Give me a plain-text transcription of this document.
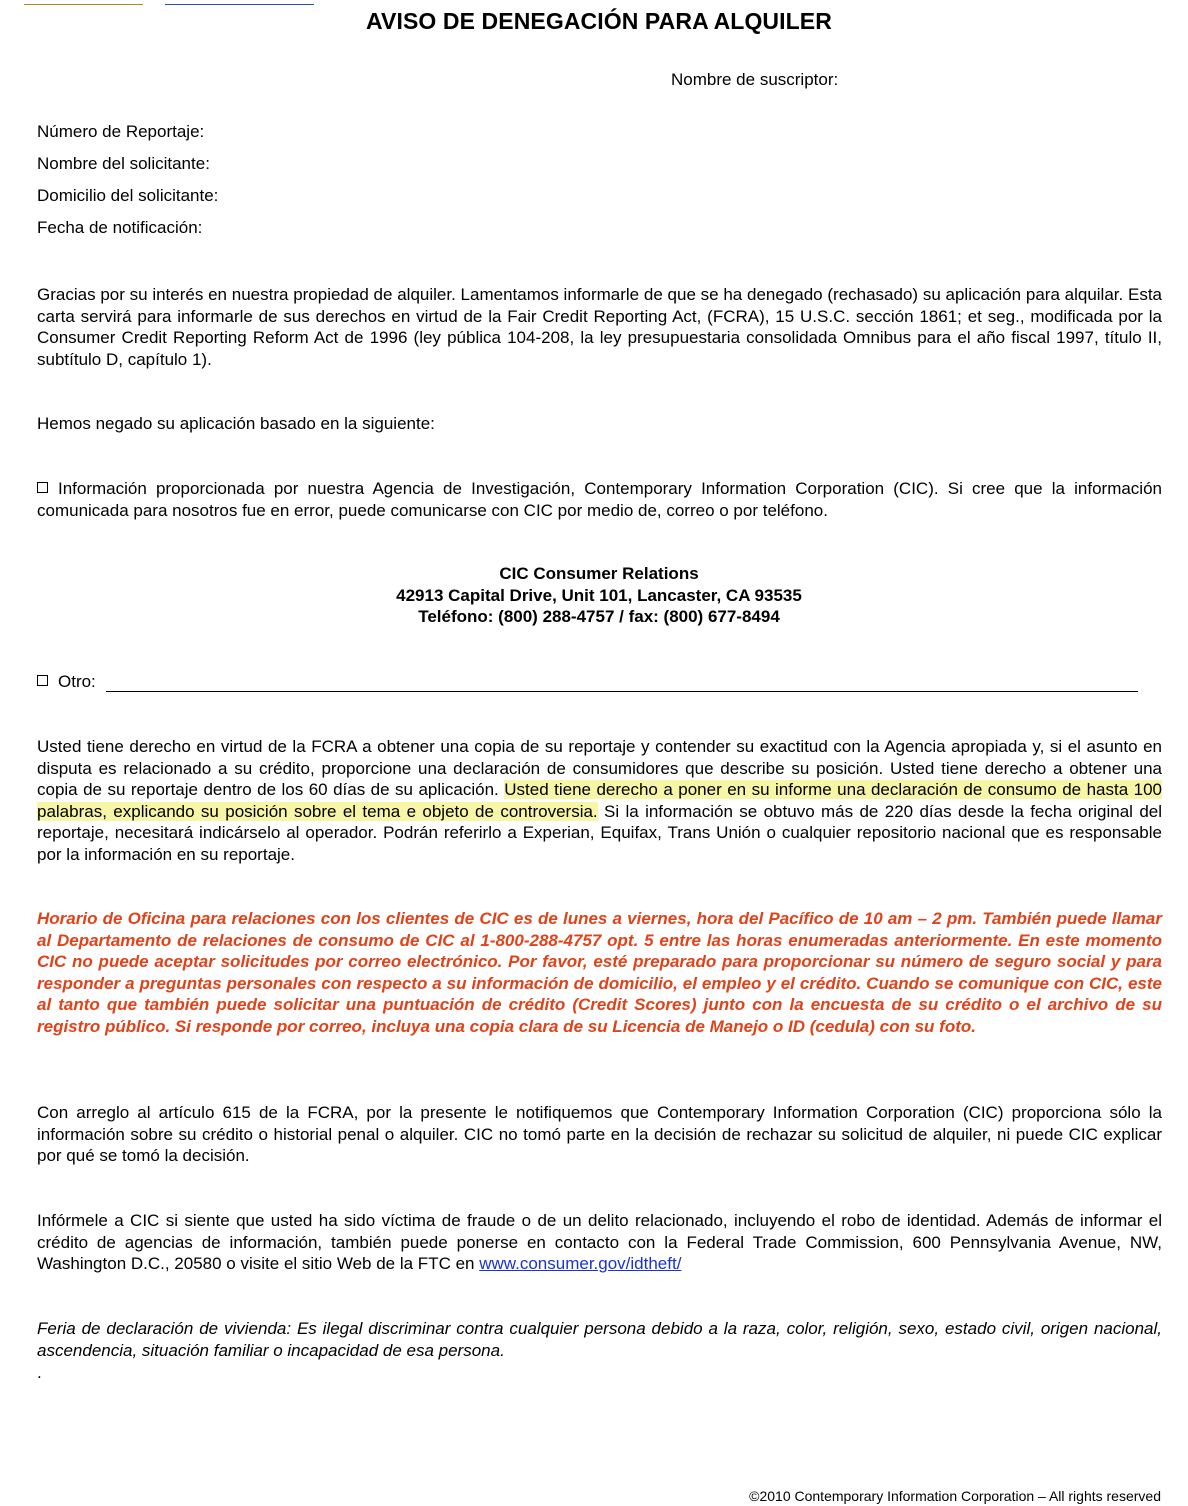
AVISO DE DENEGACIÓN PARA ALQUILER
Nombre de suscriptor:
Número de Reportaje:
Nombre del solicitante:
Domicilio del solicitante:
Fecha de notificación:
Gracias por su interés en nuestra propiedad de alquiler. Lamentamos informarle de que se ha denegado (rechasado) su aplicación para alquilar. Esta carta servirá para informarle de sus derechos en virtud de la Fair Credit Reporting Act, (FCRA), 15 U.S.C. sección 1861; et seg., modificada por la Consumer Credit Reporting Reform Act de 1996 (ley pública 104-208, la ley presupuestaria consolidada Omnibus para el año fiscal 1997, título II, subtítulo D, capítulo 1).
Hemos negado su aplicación basado en la siguiente:
Información proporcionada por nuestra Agencia de Investigación, Contemporary Information Corporation (CIC). Si cree que la información comunicada para nosotros fue en error, puede comunicarse con CIC por medio de, correo o por teléfono.
CIC Consumer Relations
42913 Capital Drive, Unit 101, Lancaster, CA 93535
Teléfono: (800) 288-4757 / fax: (800) 677-8494
Otro:
Usted tiene derecho en virtud de la FCRA a obtener una copia de su reportaje y contender su exactitud con la Agencia apropiada y, si el asunto en disputa es relacionado a su crédito, proporcione una declaración de consumidores que describe su posición. Usted tiene derecho a obtener una copia de su reportaje dentro de los 60 días de su aplicación. Usted tiene derecho a poner en su informe una declaración de consumo de hasta 100 palabras, explicando su posición sobre el tema e objeto de controversia. Si la información se obtuvo más de 220 días desde la fecha original del reportaje, necesitará indicárselo al operador. Podrán referirlo a Experian, Equifax, Trans Unión o cualquier repositorio nacional que es responsable por la información en su reportaje.
Horario de Oficina para relaciones con los clientes de CIC es de lunes a viernes, hora del Pacífico de 10 am – 2 pm. También puede llamar al Departamento de relaciones de consumo de CIC al 1-800-288-4757 opt. 5 entre las horas enumeradas anteriormente. En este momento CIC no puede aceptar solicitudes por correo electrónico. Por favor, esté preparado para proporcionar su número de seguro social y para responder a preguntas personales con respecto a su información de domicilio, el empleo y el crédito. Cuando se comunique con CIC, este al tanto que también puede solicitar una puntuación de crédito (Credit Scores) junto con la encuesta de su crédito o el archivo de su registro público. Si responde por correo, incluya una copia clara de su Licencia de Manejo o ID (cedula) con su foto.
Con arreglo al artículo 615 de la FCRA, por la presente le notifiquemos que Contemporary Information Corporation (CIC) proporciona sólo la información sobre su crédito o historial penal o alquiler. CIC no tomó parte en la decisión de rechazar su solicitud de alquiler, ni puede CIC explicar por qué se tomó la decisión.
Infórmele a CIC si siente que usted ha sido víctima de fraude o de un delito relacionado, incluyendo el robo de identidad. Además de informar el crédito de agencias de información, también puede ponerse en contacto con la Federal Trade Commission, 600 Pennsylvania Avenue, NW, Washington D.C., 20580 o visite el sitio Web de la FTC en www.consumer.gov/idtheft/
Feria de declaración de vivienda: Es ilegal discriminar contra cualquier persona debido a la raza, color, religión, sexo, estado civil, origen nacional, ascendencia, situación familiar o incapacidad de esa persona.
.
©2010 Contemporary Information Corporation – All rights reserved
